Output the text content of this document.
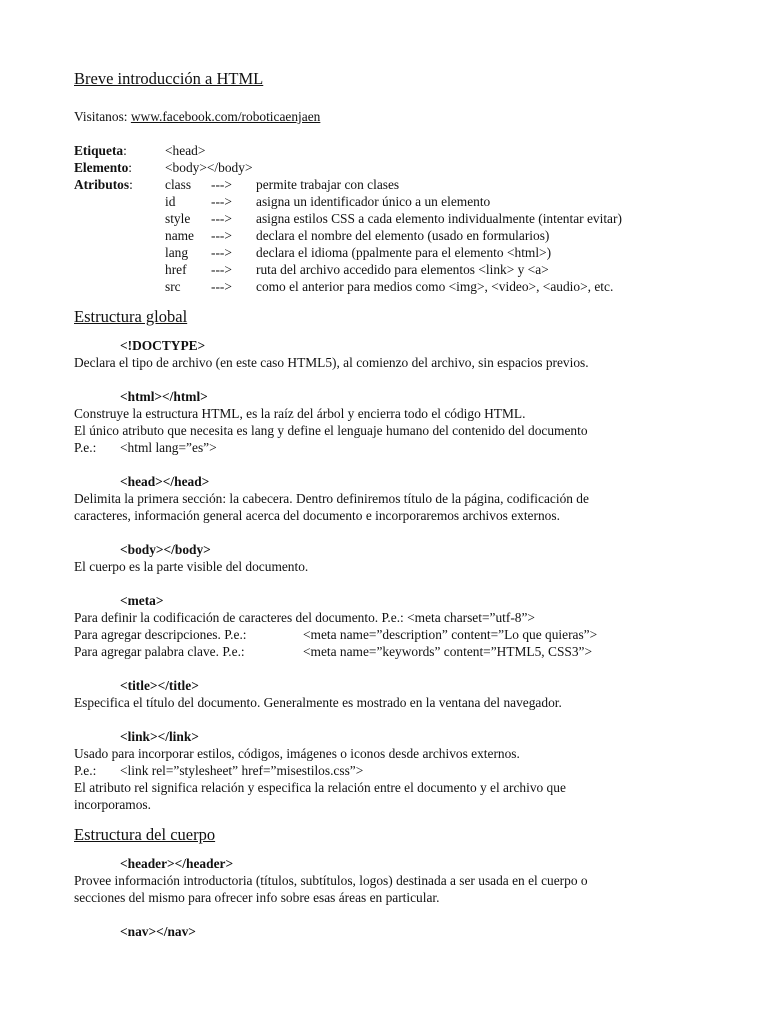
Breve introducción a HTML
Visitanos: www.facebook.com/roboticaenjaen
Etiqueta:	<head>
Elemento:	<body></body>
Atributos:	class	--->	permite trabajar con clases
id	--->	asigna un identificador único a un elemento
style	--->	asigna estilos CSS a cada elemento individualmente (intentar evitar)
name	--->	declara el nombre del elemento (usado en formularios)
lang	--->	declara el idioma (ppalmente para el elemento <html>)
href	--->	ruta del archivo accedido para elementos <link> y <a>
src	--->	como el anterior para medios como <img>, <video>, <audio>, etc.
Estructura global
<!DOCTYPE>
Declara el tipo de archivo (en este caso HTML5), al comienzo del archivo, sin espacios previos.
<html></html>
Construye la estructura HTML, es la raíz del árbol y encierra todo el código HTML.
El único atributo que necesita es lang y define el lenguaje humano del contenido del documento
P.e.:	<html lang=”es”>
<head></head>
Delimita la primera sección: la cabecera. Dentro definiremos título de la página, codificación de
caracteres, información general acerca del documento e incorporaremos archivos externos.
<body></body>
El cuerpo es la parte visible del documento.
<meta>
Para definir la codificación de caracteres del documento. P.e.: <meta charset=”utf-8”>
Para agregar descripciones. P.e.:	<meta name=”description” content=”Lo que quieras”>
Para agregar palabra clave. P.e.:	<meta name=”keywords” content=”HTML5, CSS3”>
<title></title>
Especifica el título del documento. Generalmente es mostrado en la ventana del navegador.
<link></link>
Usado para incorporar estilos, códigos, imágenes o iconos desde archivos externos.
P.e.:	<link rel=”stylesheet” href=”misestilos.css”>
El atributo rel significa relación y especifica la relación entre el documento y el archivo que
incorporamos.
Estructura del cuerpo
<header></header>
Provee información introductoria (títulos, subtítulos, logos) destinada a ser usada en el cuerpo o
secciones del mismo para ofrecer info sobre esas áreas en particular.
<nav></nav>
